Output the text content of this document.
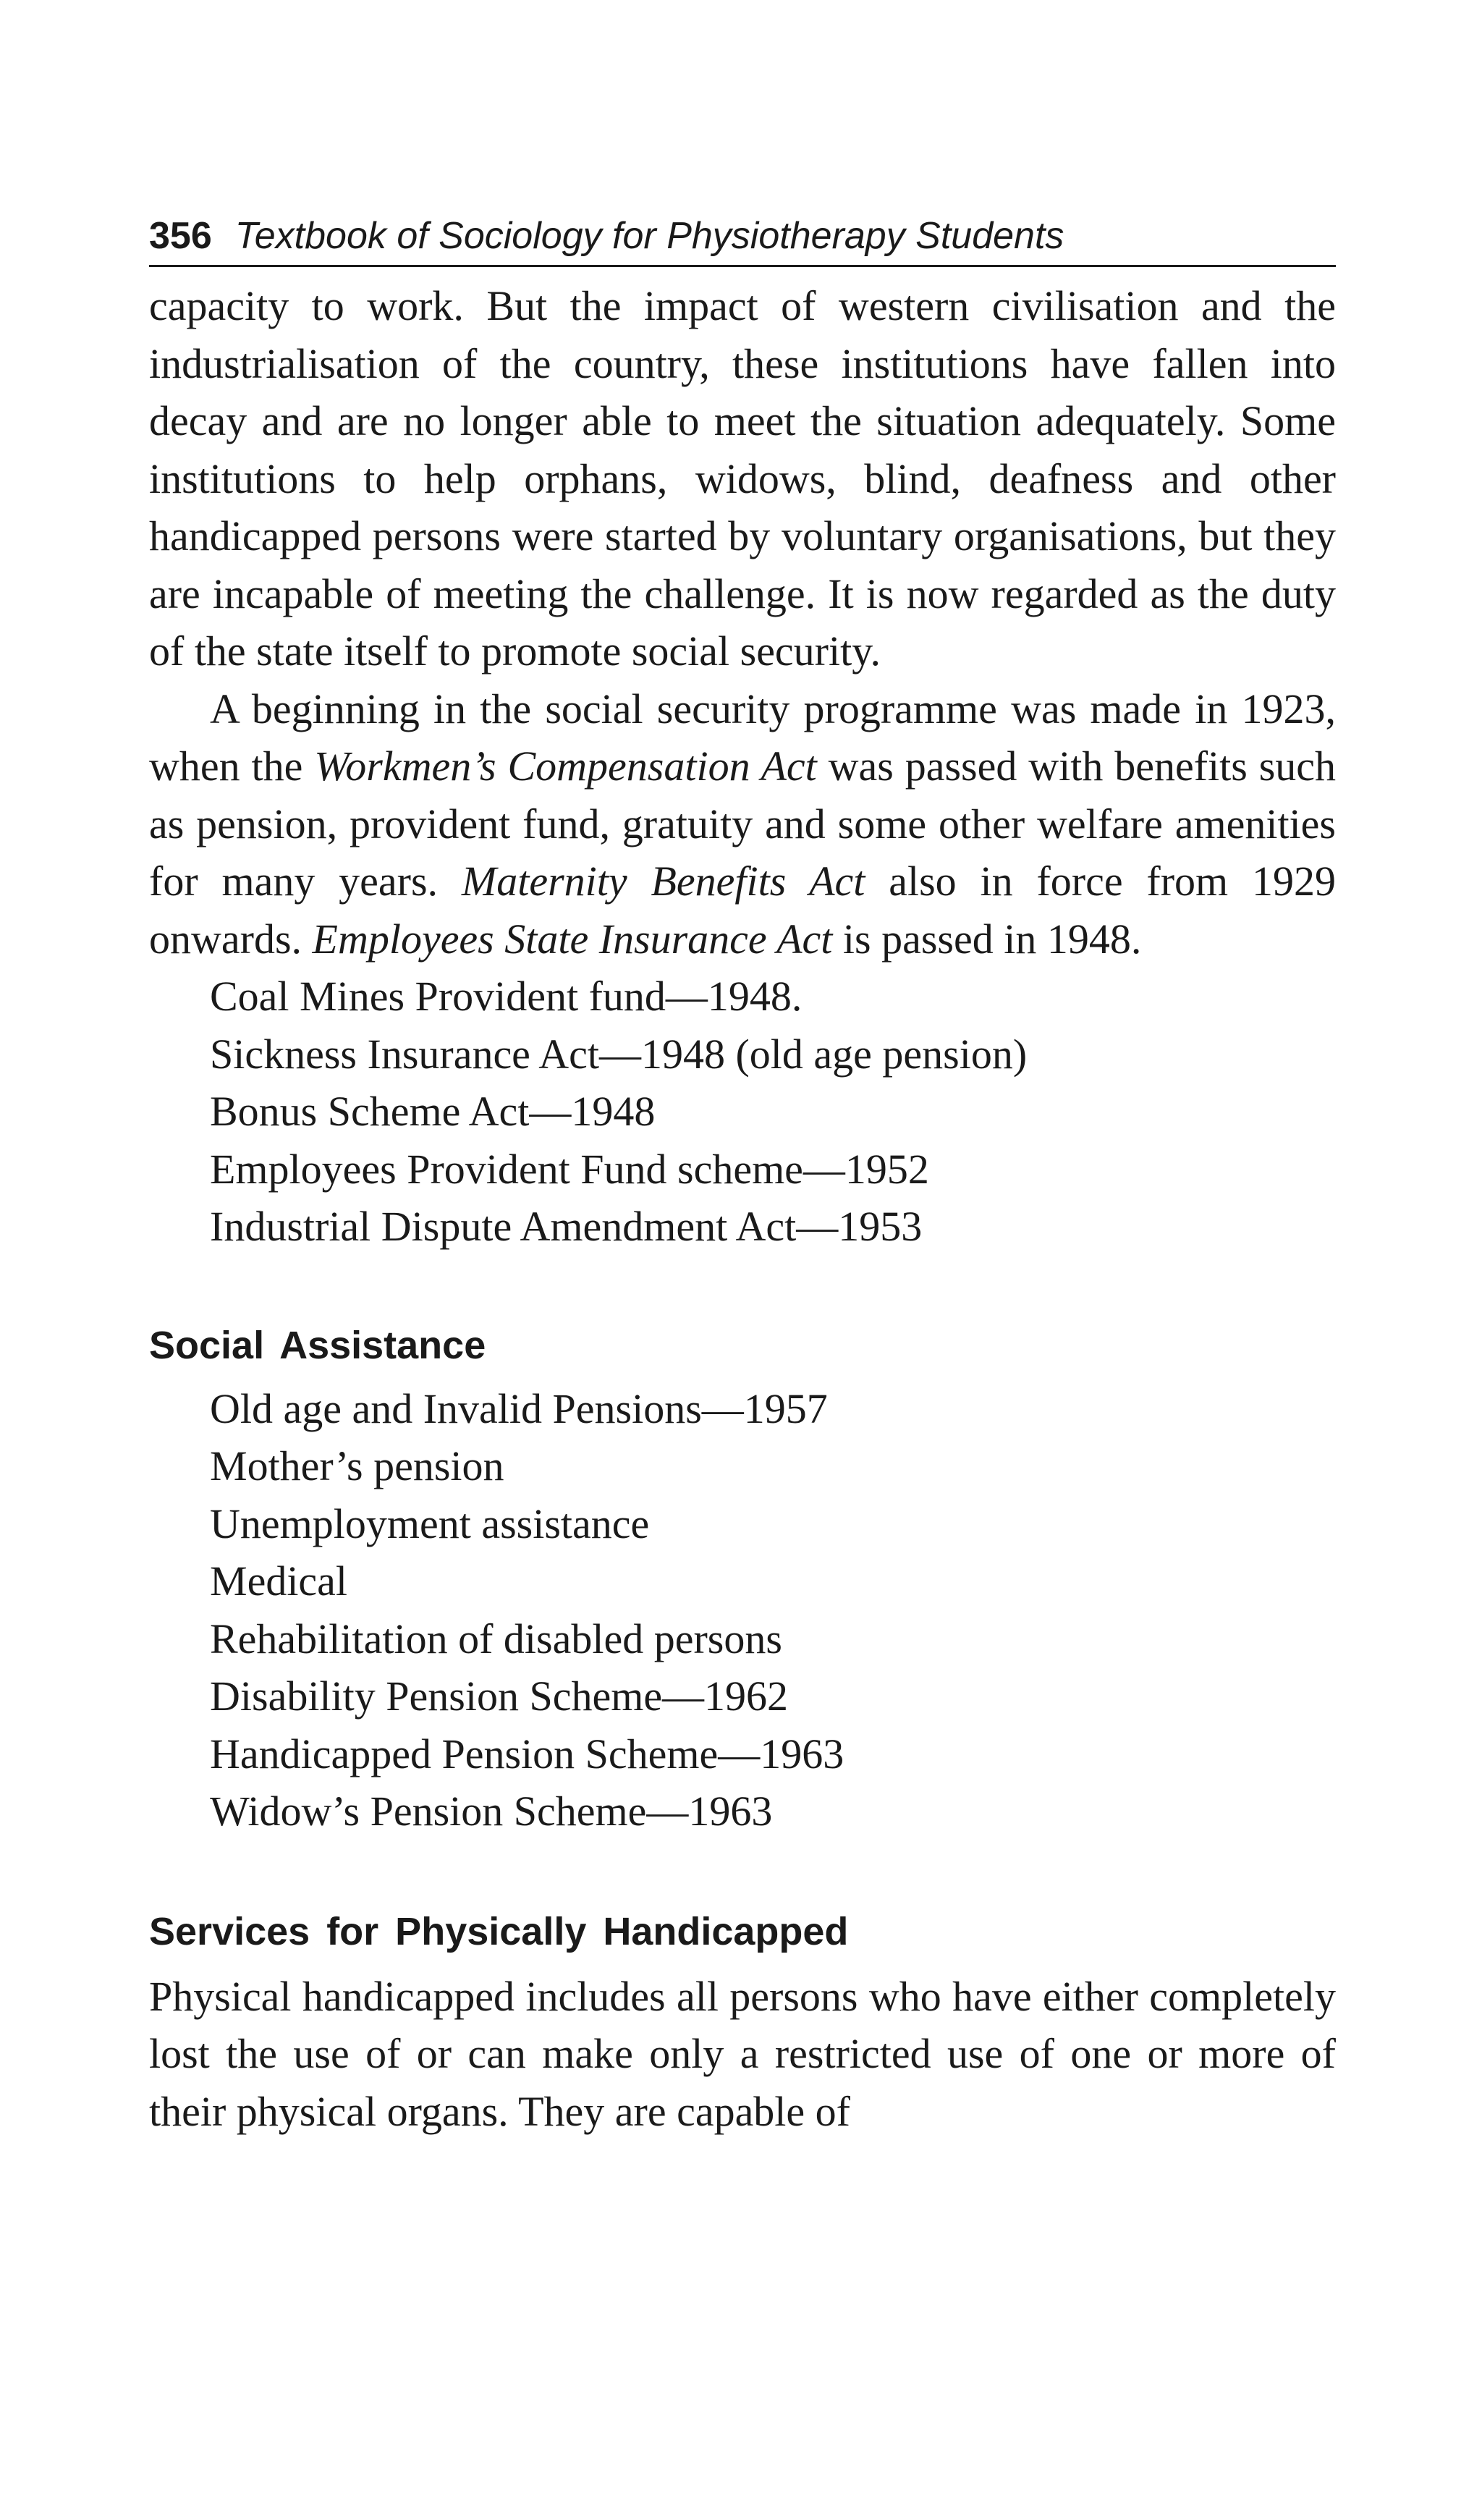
356 Textbook of Sociology for Physiotherapy Students

capacity to work. But the impact of western civilisation and the industrialisation of the country, these institutions have fallen into decay and are no longer able to meet the situation adequately. Some institutions to help orphans, widows, blind, deafness and other handicapped persons were started by voluntary organisations, but they are incapable of meeting the challenge. It is now regarded as the duty of the state itself to promote social security.

A beginning in the social security programme was made in 1923, when the Workmen’s Compensation Act was passed with benefits such as pension, provident fund, gratuity and some other welfare amenities for many years. Maternity Benefits Act also in force from 1929 onwards. Employees State Insurance Act is passed in 1948.

Coal Mines Provident fund—1948.
Sickness Insurance Act—1948 (old age pension)
Bonus Scheme Act—1948
Employees Provident Fund scheme—1952
Industrial Dispute Amendment Act—1953
Social Assistance
Old age and Invalid Pensions—1957
Mother’s pension
Unemployment assistance
Medical
Rehabilitation of disabled persons
Disability Pension Scheme—1962
Handicapped Pension Scheme—1963
Widow’s Pension Scheme—1963
Services for Physically Handicapped

Physical handicapped includes all persons who have either completely lost the use of or can make only a restricted use of one or more of their physical organs. They are capable of
